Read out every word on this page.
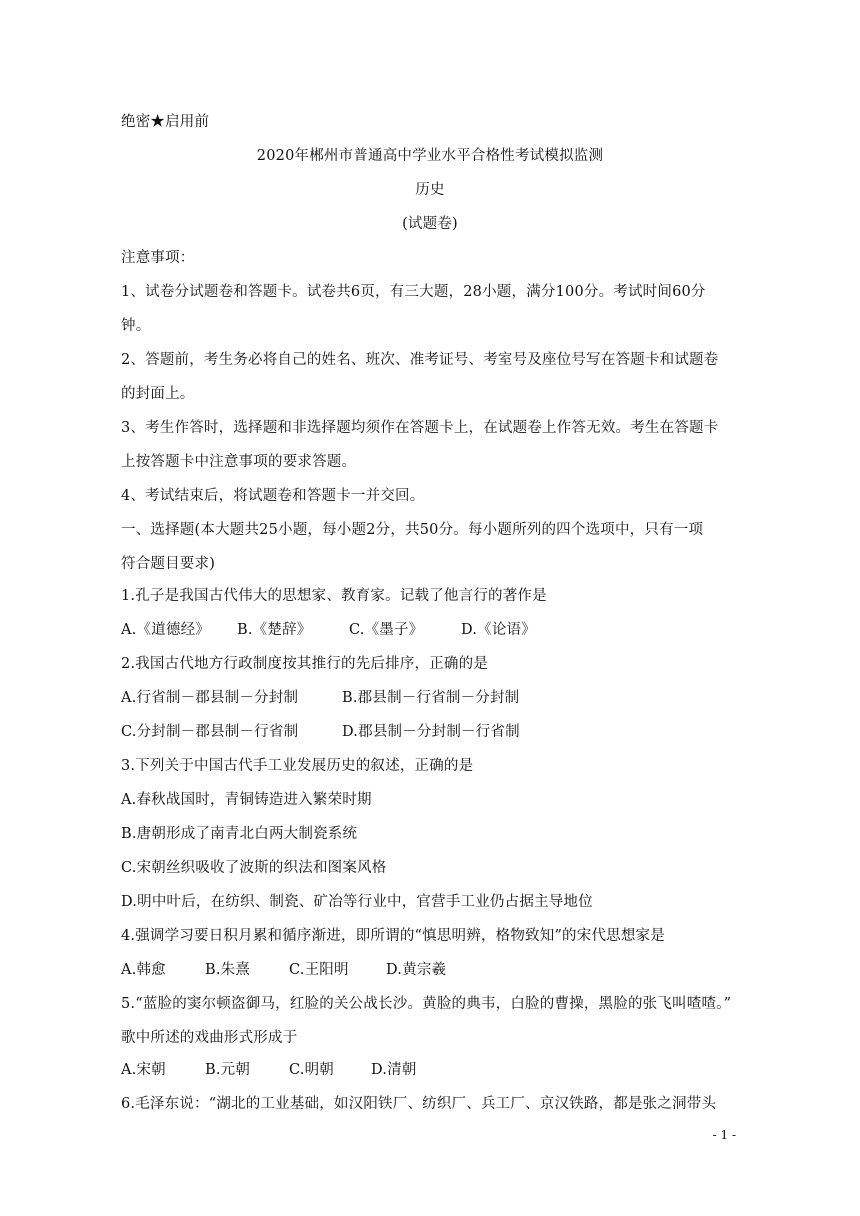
绝密★启用前
2020年郴州市普通高中学业水平合格性考试模拟监测
历史
(试题卷)
注意事项：
1、试卷分试题卷和答题卡。试卷共6页，有三大题，28小题，满分100分。考试时间60分
钟。
2、答题前，考生务必将自己的姓名、班次、准考证号、考室号及座位号写在答题卡和试题卷
的封面上。
3、考生作答时，选择题和非选择题均须作在答题卡上，在试题卷上作答无效。考生在答题卡
上按答题卡中注意事项的要求答题。
4、考试结束后，将试题卷和答题卡一并交回。
一、选择题(本大题共25小题，每小题2分，共50分。每小题所列的四个选项中，只有一项
符合题目要求)
1.孔子是我国古代伟大的思想家、教育家。记载了他言行的著作是
A.《道德经》 B.《楚辞》	C.《墨子》	D.《论语》
2.我国古代地方行政制度按其推行的先后排序，正确的是
A.行省制－郡县制－分封制	B.郡县制－行省制－分封制
C.分封制－郡县制－行省制	D.郡县制－分封制－行省制
3.下列关于中国古代手工业发展历史的叙述，正确的是
A.春秋战国时，青铜铸造进入繁荣时期
B.唐朝形成了南青北白两大制瓷系统
C.宋朝丝织吸收了波斯的织法和图案风格
D.明中叶后，在纺织、制瓷、矿冶等行业中，官营手工业仍占据主导地位
4.强调学习要日积月累和循序渐进，即所谓的“慎思明辨，格物致知”的宋代思想家是
A.韩愈	B.朱熹	C.王阳明	D.黄宗羲
5.“蓝脸的窦尔顿盗御马，红脸的关公战长沙。黄脸的典韦，白脸的曹操，黑脸的张飞叫喳喳。”
歌中所述的戏曲形式形成于
A.宋朝	B.元朝	C.明朝	D.清朝
6.毛泽东说：“湖北的工业基础，如汉阳铁厂、纺织厂、兵工厂、京汉铁路，都是张之洞带头
- 1 -
